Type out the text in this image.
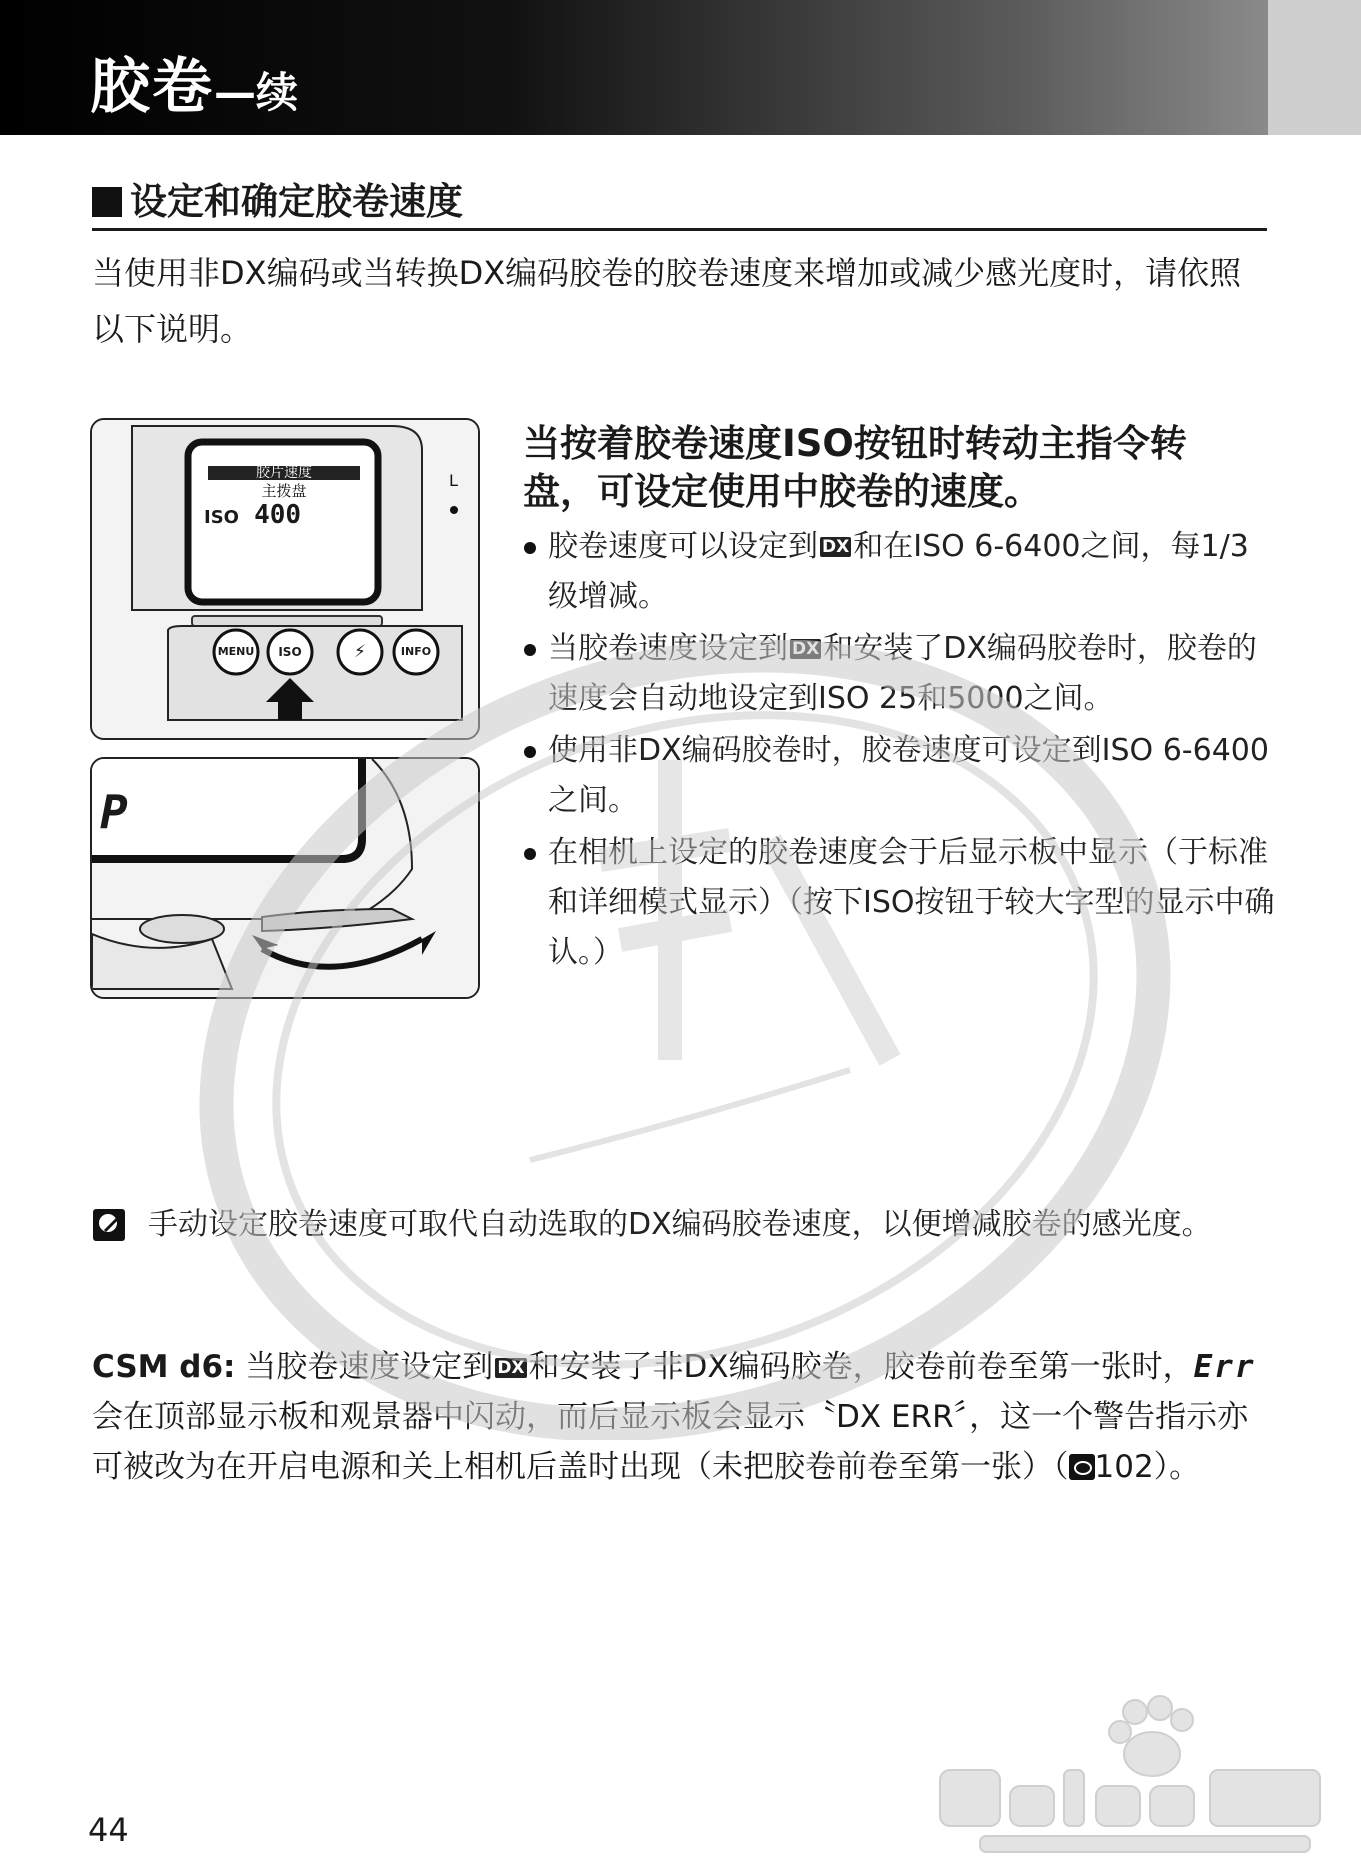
胶卷—续
设定和确定胶卷速度
当使用非DX编码或当转换DX编码胶卷的胶卷速度来增加或减少感光度时，请依照以下说明。
L
胶片速度
主拨盘
ISO 400
MENU	ISO	⚡	INFO
P
当按着胶卷速度ISO按钮时转动主指令转盘，可设定使用中胶卷的速度。
胶卷速度可以设定到 DX 和在ISO 6-6400之间，每1/3级增减。
当胶卷速度设定到 DX 和安装了DX编码胶卷时，胶卷的速度会自动地设定到ISO 25和5000之间。
使用非DX编码胶卷时，胶卷速度可设定到ISO 6-6400之间。
在相机上设定的胶卷速度会于后显示板中显示（于标准和详细模式显示）（按下ISO按钮于较大字型的显示中确认。）
手动设定胶卷速度可取代自动选取的DX编码胶卷速度，以便增减胶卷的感光度。
CSM d6: 当胶卷速度设定到 DX 和安装了非DX编码胶卷，胶卷前卷至第一张时，Err会在顶部显示板和观景器中闪动，而后显示板会显示〝DX ERR〞，这一个警告指示亦可被改为在开启电源和关上相机后盖时出现（未把胶卷前卷至第一张）（ 102）。
44
